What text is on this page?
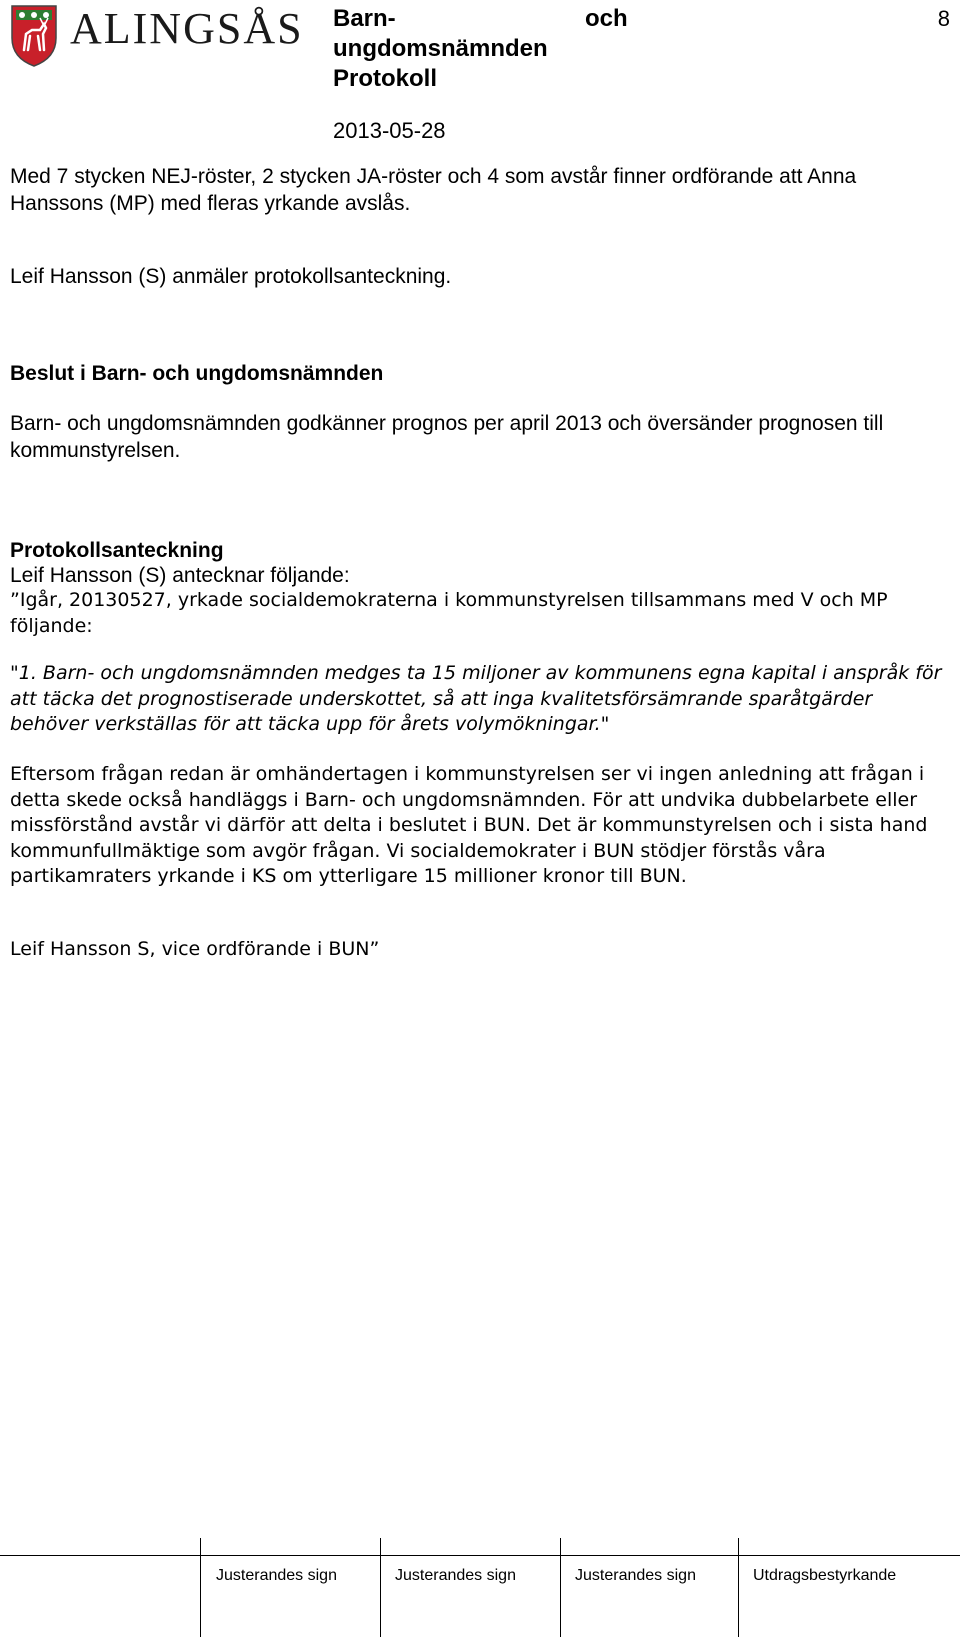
ALINGSÅS Barn-
ungdomsnämnden
Protokoll
och	8
2013-05-28

Med 7 stycken NEJ-röster, 2 stycken JA-röster och 4 som avstår finner ordförande att Anna Hanssons (MP) med fleras yrkande avslås.

Leif Hansson (S) anmäler protokollsanteckning.

Beslut i Barn- och ungdomsnämnden

Barn- och ungdomsnämnden godkänner prognos per april 2013 och översänder prognosen till kommunstyrelsen.

Protokollsanteckning

Leif Hansson (S) antecknar följande:

”Igår, 20130527, yrkade socialdemokraterna i kommunstyrelsen tillsammans med V och MP följande:

"1. Barn- och ungdomsnämnden medges ta 15 miljoner av kommunens egna kapital i anspråk för att täcka det prognostiserade underskottet, så att inga kvalitetsförsämrande sparåtgärder behöver verkställas för att täcka upp för årets volymökningar."

Eftersom frågan redan är omhändertagen i kommunstyrelsen ser vi ingen anledning att frågan i detta skede också handläggs i Barn- och ungdomsnämnden. För att undvika dubbelarbete eller missförstånd avstår vi därför att delta i beslutet i BUN. Det är kommunstyrelsen och i sista hand kommunfullmäktige som avgör frågan. Vi socialdemokrater i BUN stödjer förstås våra partikamraters yrkande i KS om ytterligare 15 millioner kronor till BUN.

Leif Hansson S, vice ordförande i BUN”

Justerandes sign	Justerandes sign	Justerandes sign	Utdragsbestyrkande
